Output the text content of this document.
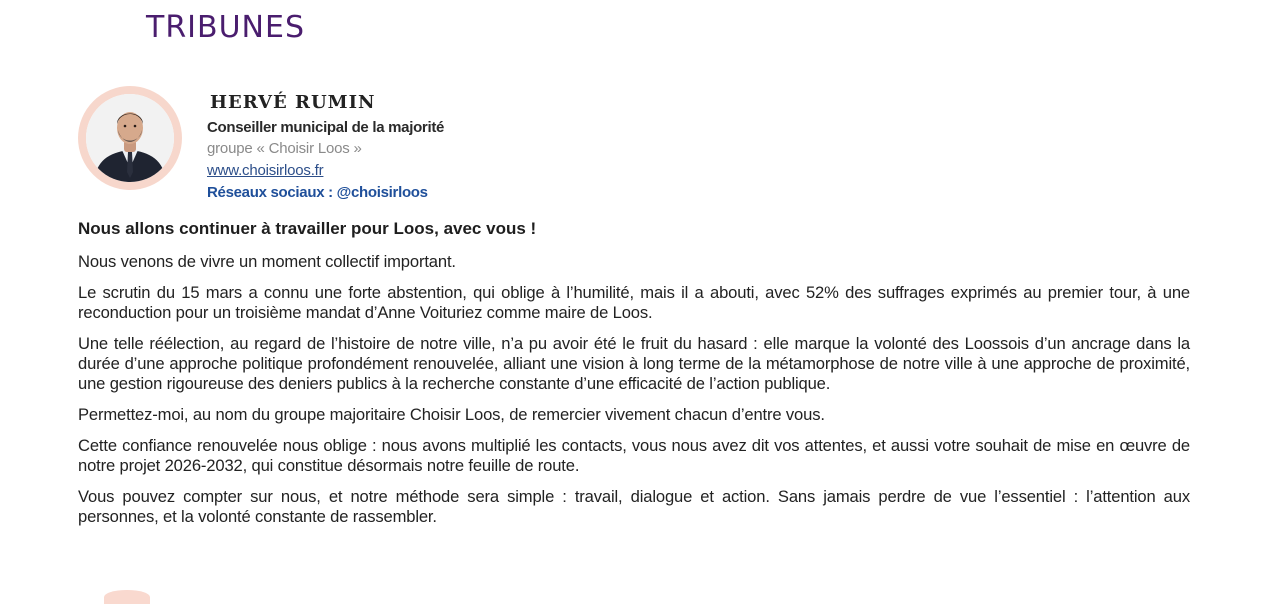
TRIBUNES
HERVÉ RUMIN
Conseiller municipal de la majorité
groupe « Choisir Loos »
www.choisirloos.fr
Réseaux sociaux : @choisirloos
Nous allons continuer à travailler pour Loos, avec vous !

Nous venons de vivre un moment collectif important.

Le scrutin du 15 mars a connu une forte abstention, qui oblige à l’humilité, mais il a abouti, avec 52% des suffrages exprimés au premier tour, à une reconduction pour un troisième mandat d’Anne Voituriez comme maire de Loos.

Une telle réélection, au regard de l’histoire de notre ville, n’a pu avoir été le fruit du hasard : elle marque la volonté des Loossois d’un ancrage dans la durée d’une approche politique profondément renouvelée, alliant une vision à long terme de la métamorphose de notre ville à une approche de proximité, une gestion rigoureuse des deniers publics à la recherche constante d’une efficacité de l’action publique.

Permettez-moi, au nom du groupe majoritaire Choisir Loos, de remercier vivement chacun d’entre vous.

Cette confiance renouvelée nous oblige : nous avons multiplié les contacts, vous nous avez dit vos attentes, et aussi votre souhait de mise en œuvre de notre projet 2026-2032, qui constitue désormais notre feuille de route.

Vous pouvez compter sur nous, et notre méthode sera simple : travail, dialogue et action. Sans jamais perdre de vue l’essentiel : l’attention aux personnes, et la volonté constante de rassembler.
